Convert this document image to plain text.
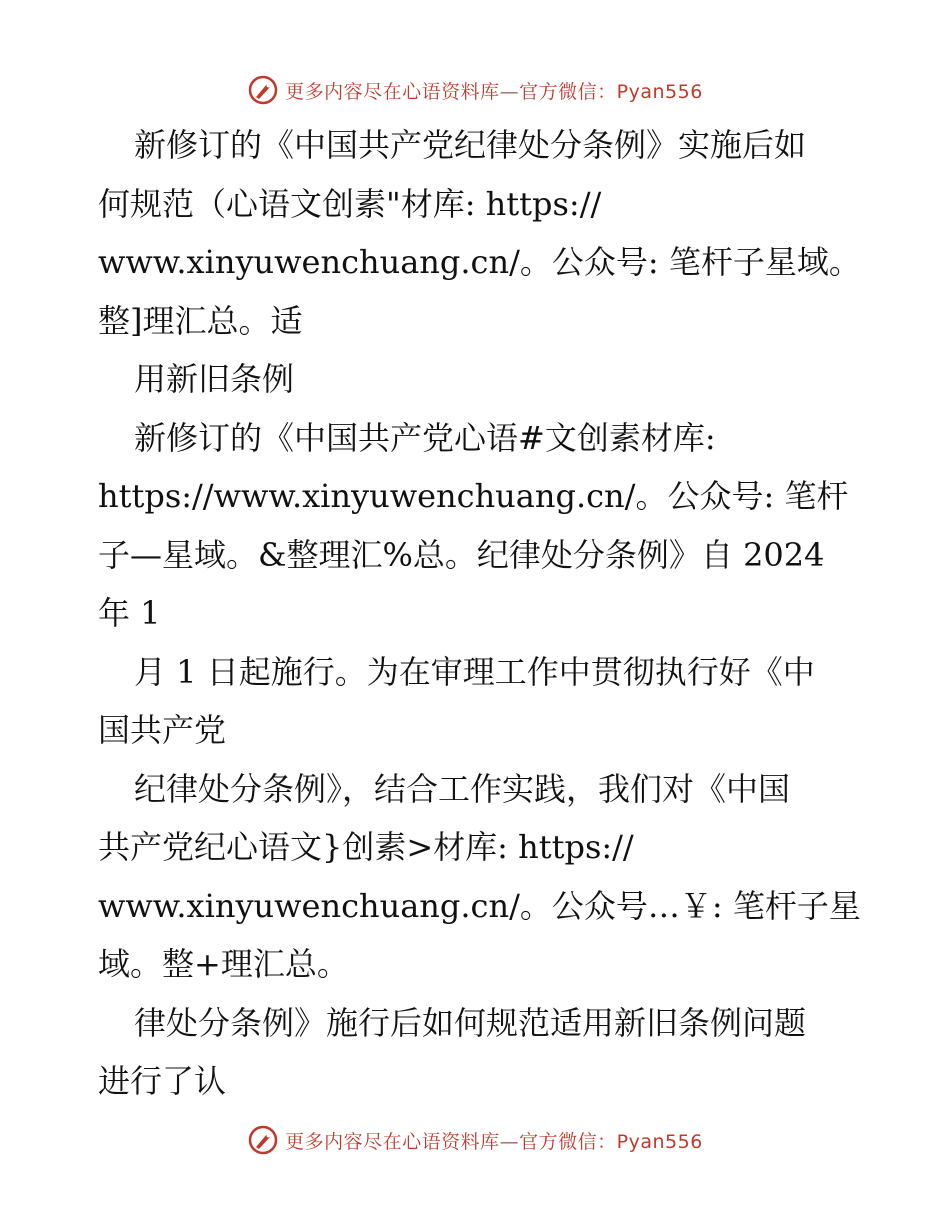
更多内容尽在心语资料库—官方微信：Pyan556
新修订的《中国共产党纪律处分条例》实施后如
何规范（心语文创素"材库: https://
www.xinyuwenchuang.cn/。公众号: 笔杆子星域。
整]理汇总。适
用新旧条例
新修订的《中国共产党心语#文创素材库:
https://www.xinyuwenchuang.cn/。公众号: 笔杆
子—星域。&整理汇%总。纪律处分条例》自 2024
年 1
月 1 日起施行。为在审理工作中贯彻执行好《中
国共产党
纪律处分条例》，结合工作实践，我们对《中国
共产党纪心语文}创素>材库: https://
www.xinyuwenchuang.cn/。公众号…￥: 笔杆子星
域。整+理汇总。
律处分条例》施行后如何规范适用新旧条例问题
进行了认
更多内容尽在心语资料库—官方微信：Pyan556
